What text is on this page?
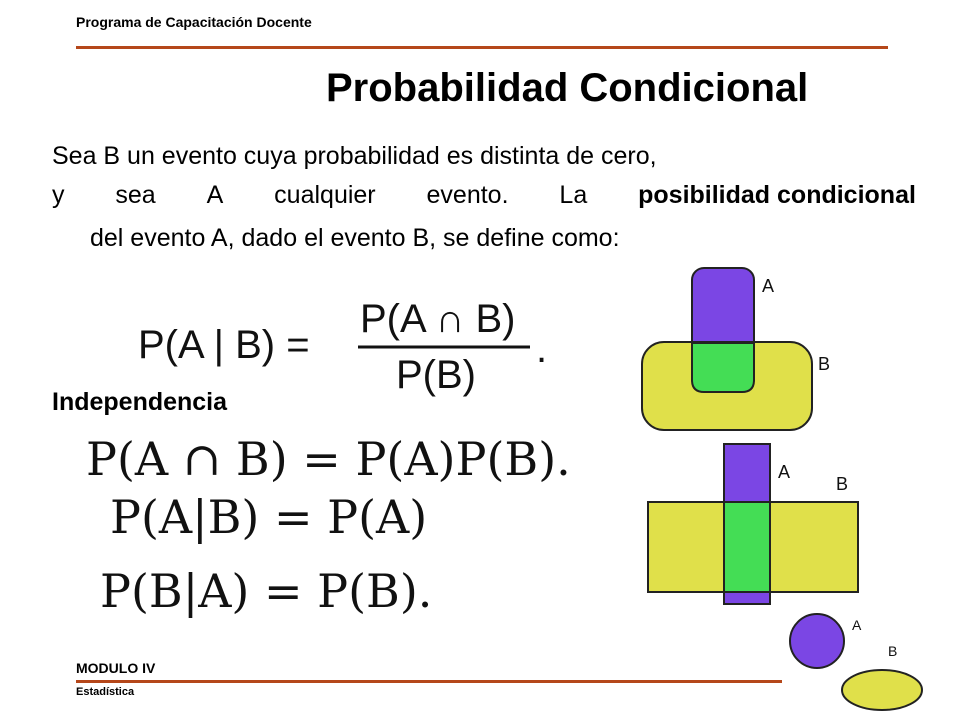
Programa de Capacitación Docente
Probabilidad Condicional
Sea B un evento cuya probabilidad es distinta de cero,
y sea A cualquier evento. La posibilidad condicional
del evento A, dado el evento B, se define como:
P(A | B) =
P(A ∩ B)
P(B)
.
Independencia
P(A ∩ B) = P(A)P(B).
P(A|B) = P(A)
P(B|A) = P(B).
A
B
A
B
A
B
MODULO IV
Estadística
